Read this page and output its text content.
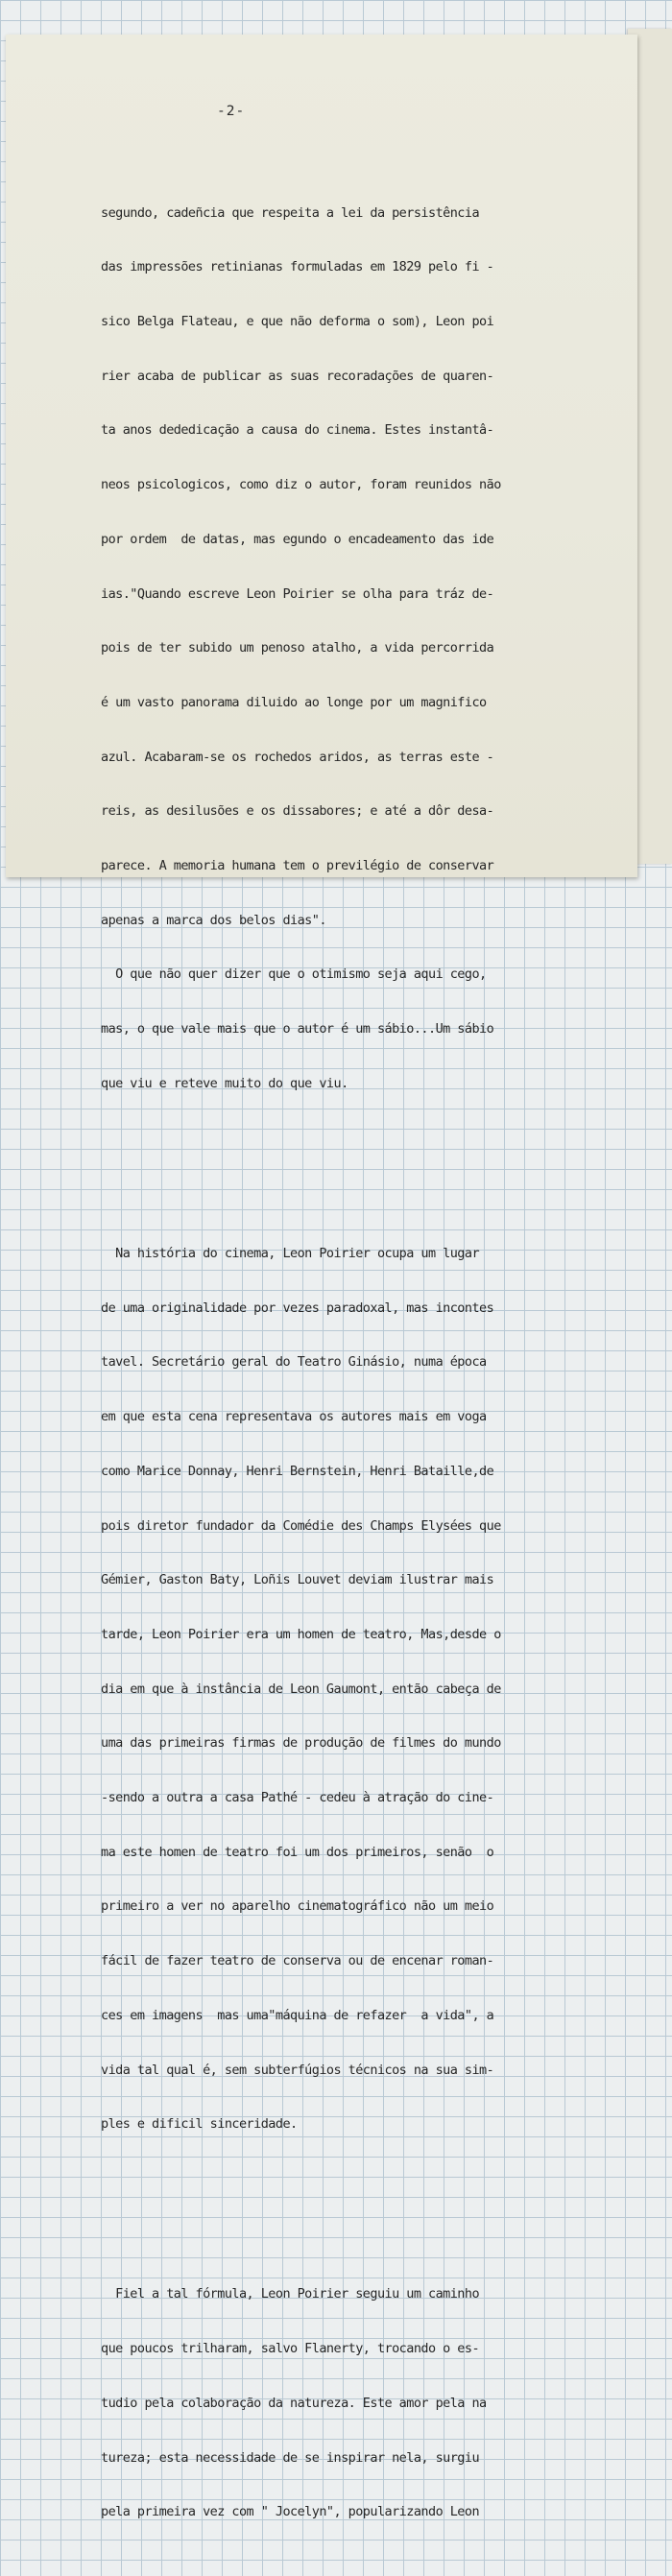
-2-

segundo, cadeñcia que respeita a lei da persistência

das impressões retinianas formuladas em 1829 pelo fi -

sico Belga Flateau, e que não deforma o som), Leon poi

rier acaba de publicar as suas recoradações de quaren-

ta anos dededicação a causa do cinema. Estes instantâ-

neos psicologicos, como diz o autor, foram reunidos não

por ordem  de datas, mas egundo o encadeamento das ide

ias."Quando escreve Leon Poirier se olha para tráz de-

pois de ter subido um penoso atalho, a vida percorrida

é um vasto panorama diluido ao longe por um magnifico

azul. Acabaram-se os rochedos aridos, as terras este -

reis, as desilusões e os dissabores; e até a dôr desa-

parece. A memoria humana tem o previlégio de conservar

apenas a marca dos belos dias".

O que não quer dizer que o otimismo seja aqui cego,

mas, o que vale mais que o autor é um sábio...Um sábio

que viu e reteve muito do que viu.

Na história do cinema, Leon Poirier ocupa um lugar

de uma originalidade por vezes paradoxal, mas incontes

tavel. Secretário geral do Teatro Ginásio, numa época

em que esta cena representava os autores mais em voga

como Marice Donnay, Henri Bernstein, Henri Bataille,de

pois diretor fundador da Comédie des Champs Elysées que

Gémier, Gaston Baty, Loñis Louvet deviam ilustrar mais

tarde, Leon Poirier era um homen de teatro, Mas,desde o

dia em que à instância de Leon Gaumont, então cabeça de

uma das primeiras firmas de produção de filmes do mundo

-sendo a outra a casa Pathé - cedeu à atração do cine-

ma este homen de teatro foi um dos primeiros, senão  o

primeiro a ver no aparelho cinematográfico não um meio

fácil de fazer teatro de conserva ou de encenar roman-

ces em imagens  mas uma"máquina de refazer  a vida", a

vida tal qual é, sem subterfúgios técnicos na sua sim-

ples e dificil sinceridade.

Fiel a tal fórmula, Leon Poirier seguiu um caminho

que poucos trilharam, salvo Flanerty, trocando o es-

tudio pela colaboração da natureza. Este amor pela na

tureza; esta necessidade de se inspirar nela, surgiu

pela primeira vez com " Jocelyn", popularizando Leon
